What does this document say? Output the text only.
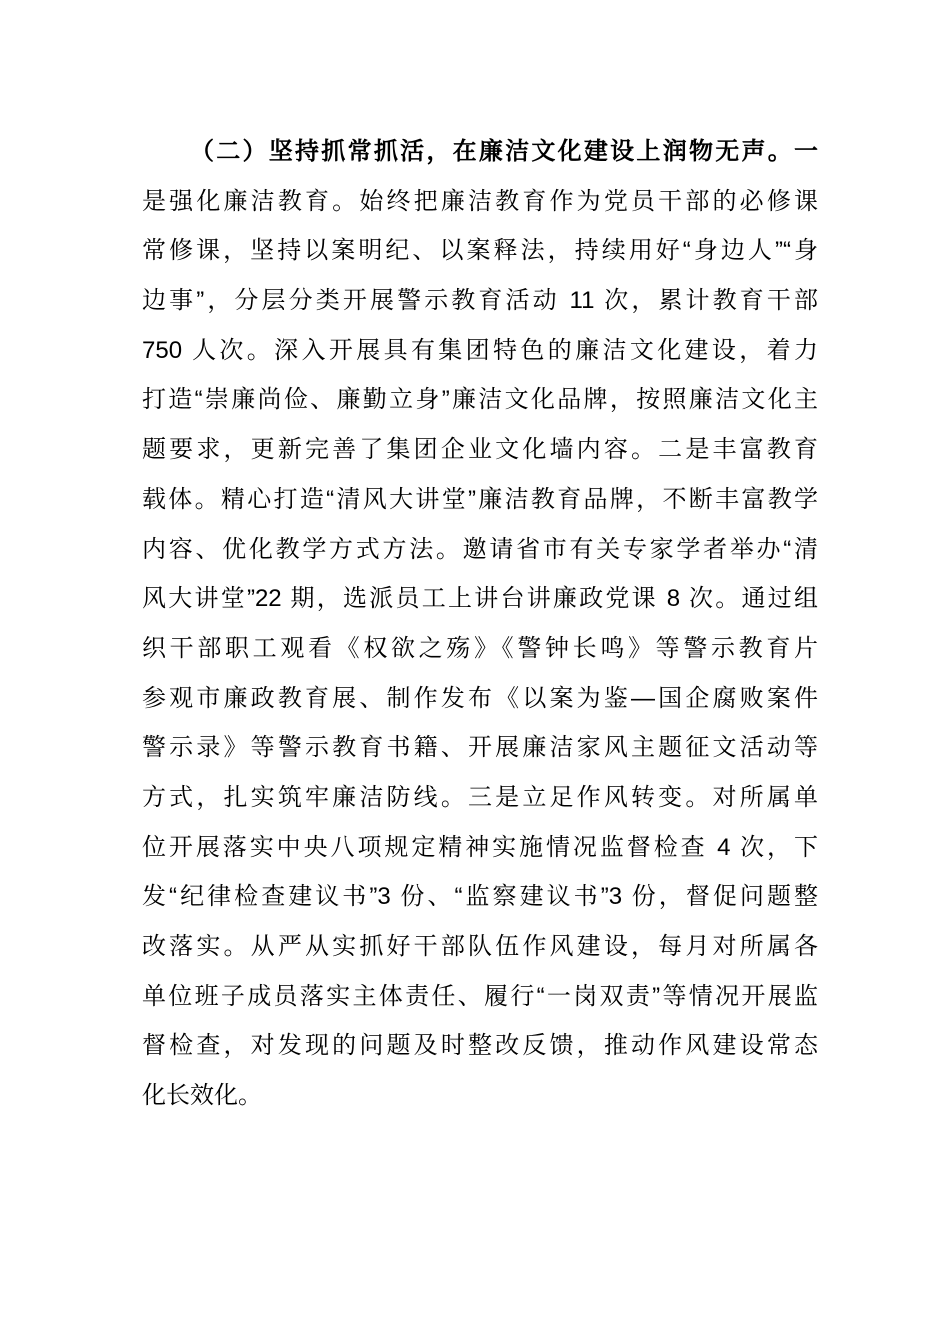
（二）坚持抓常抓活，在廉洁文化建设上润物无声。一
是强化廉洁教育。始终把廉洁教育作为党员干部的必修课
常修课，坚持以案明纪、以案释法，持续用好“身边人”“身
边事”，分层分类开展警示教育活动 11 次，累计教育干部
750 人次。深入开展具有集团特色的廉洁文化建设，着力
打造“崇廉尚俭、廉勤立身”廉洁文化品牌，按照廉洁文化主
题要求，更新完善了集团企业文化墙内容。二是丰富教育
载体。精心打造“清风大讲堂”廉洁教育品牌，不断丰富教学
内容、优化教学方式方法。邀请省市有关专家学者举办“清
风大讲堂”22 期，选派员工上讲台讲廉政党课 8 次。通过组
织干部职工观看《权欲之殇》《警钟长鸣》等警示教育片
参观市廉政教育展、制作发布《以案为鉴—国企腐败案件
警示录》等警示教育书籍、开展廉洁家风主题征文活动等
方式，扎实筑牢廉洁防线。三是立足作风转变。对所属单
位开展落实中央八项规定精神实施情况监督检查 4 次，下
发“纪律检查建议书”3 份、“监察建议书”3 份，督促问题整
改落实。从严从实抓好干部队伍作风建设，每月对所属各
单位班子成员落实主体责任、履行“一岗双责”等情况开展监
督检查，对发现的问题及时整改反馈，推动作风建设常态
化长效化。
